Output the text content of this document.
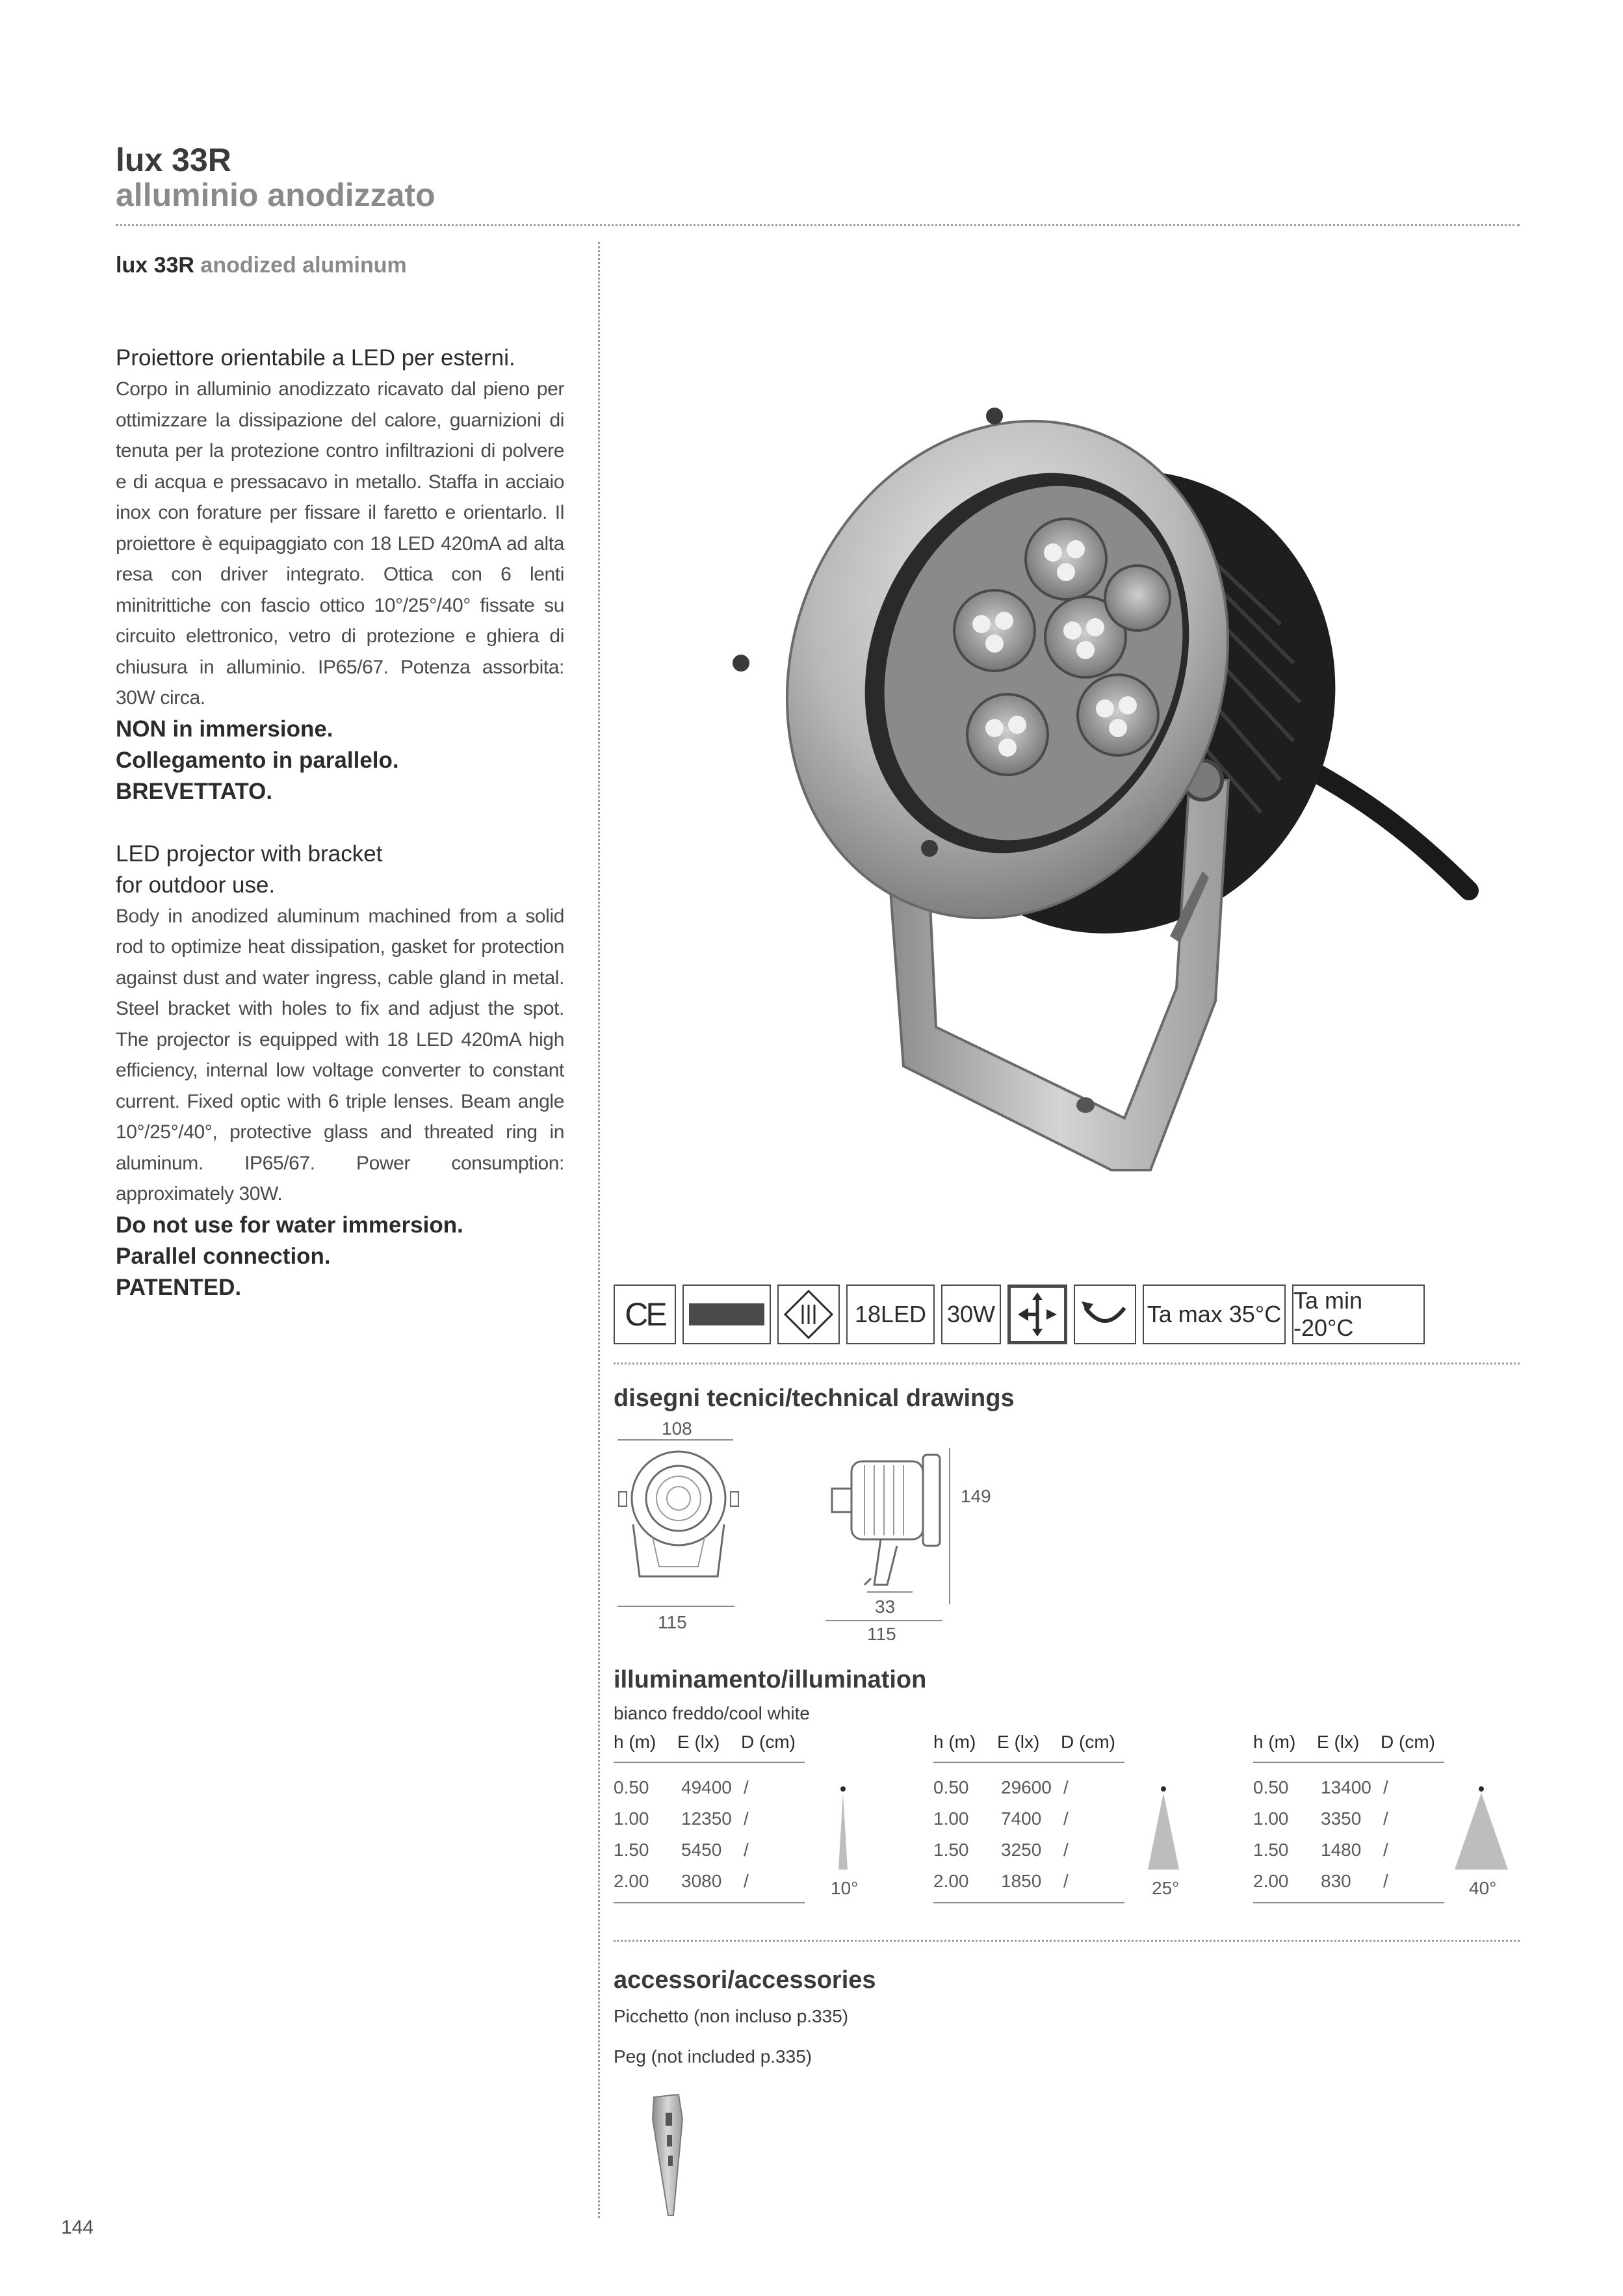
lux 33R
alluminio anodizzato
lux 33R anodized aluminum
Proiettore orientabile a LED per esterni.
Corpo in alluminio anodizzato ricavato dal pieno per ottimizzare la dissipazione del calore, guarnizioni di tenuta per la protezione contro infiltrazioni di polvere e di acqua e pressacavo in metallo. Staffa in acciaio inox con forature per fissare il faretto e orientarlo. Il proiettore è equipaggiato con 18 LED 420mA ad alta resa con driver integrato. Ottica con 6 lenti minitrittiche con fascio ottico 10°/25°/40° fissate su circuito elettronico, vetro di protezione e ghiera di chiusura in alluminio. IP65/67. Potenza assorbita: 30W circa.
NON in immersione.
Collegamento in parallelo.
BREVETTATO.
LED projector with bracket
for outdoor use.
Body in anodized aluminum machined from a solid rod to optimize heat dissipation, gasket for protection against dust and water ingress, cable gland in metal. Steel bracket with holes to fix and adjust the spot. The projector is equipped with 18 LED 420mA high efficiency, internal low voltage converter to constant current. Fixed optic with 6 triple lenses. Beam angle 10°/25°/40°, protective glass and threated ring in aluminum. IP65/67. Power consumption: approximately 30W.
Do not use for water immersion.
Parallel connection.
PATENTED.
CE	18LED 30W	Ta max 35°C
Ta min -20°C
disegni tecnici/technical drawings
108
115
149
33
115
illuminamento/illumination
bianco freddo/cool white
h (m)	E (lx)	D (cm)
0.50	49400 /
1.00	12350 /
1.50	5450	/
2.00	3080	/	10°
h (m)	E (lx)	D (cm)
0.50	29600 /
1.00	7400	/
1.50	3250	/
2.00	1850	/	25°
h (m)	E (lx)	D (cm)
0.50	13400 /
1.00	3350	/
1.50	1480	/
2.00	830	/	40°
accessori/accessories
Picchetto (non incluso p.335)
Peg (not included p.335)
144
